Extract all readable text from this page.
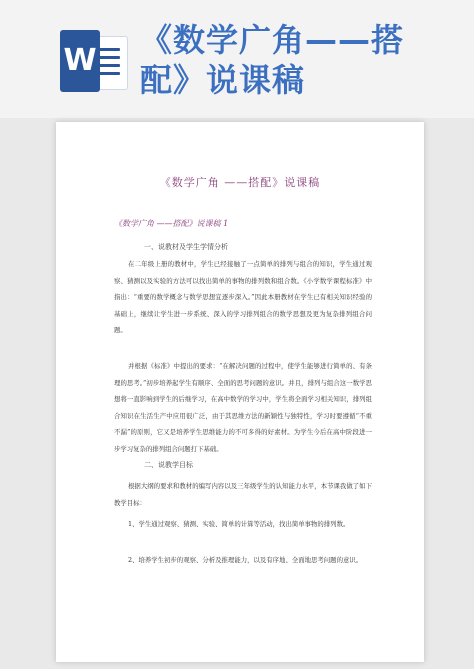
W
《数学广角——搭
配》说课稿
《数学广角 ——搭配》说课稿
《数学广角 ——搭配》说课稿 1
一、说教材及学生学情分析
在二年级上册的教材中，学生已经接触了一点简单的排列与组合的知识，学生通过观察、猜测以及实验的方法可以找出简单的事物的排列数和组合数。《小学数学课程标准》中指出：“重要的数学概念与数学思想宜逐步深入。”因此本册教材在学生已有相关知识经验的基础上，继续让学生进一步系统、深入的学习排列组合的数学思想及更为复杂排列组合问题。
并根据《标准》中提出的要求：“在解决问题的过程中，使学生能够进行简单的、有条理的思考。”初步培养起学生有顺序、全面的思考问题的意识。并且，排列与组合这一数学思想将一直影响到学生的后继学习，在高中数学的学习中，学生将全面学习相关知识，排列组合知识在生活生产中应用很广泛，由于其思维方法的新颖性与独特性，学习时要遵循“不重不漏”的原则，它又是培养学生思维能力的不可多得的好素材。为学生今后在高中阶段进一步学习复杂的排列组合问题打下基础。
二、说教学目标
根据大纲的要求和教材的编写内容以及三年级学生的认知能力水平，本节课我做了如下教学目标：
1、学生通过观察、猜测、实验、简单的计算等活动，找出简单事物的排列数。
2、培养学生初步的观察、分析及推理能力，以及有序地、全面地思考问题的意识。
